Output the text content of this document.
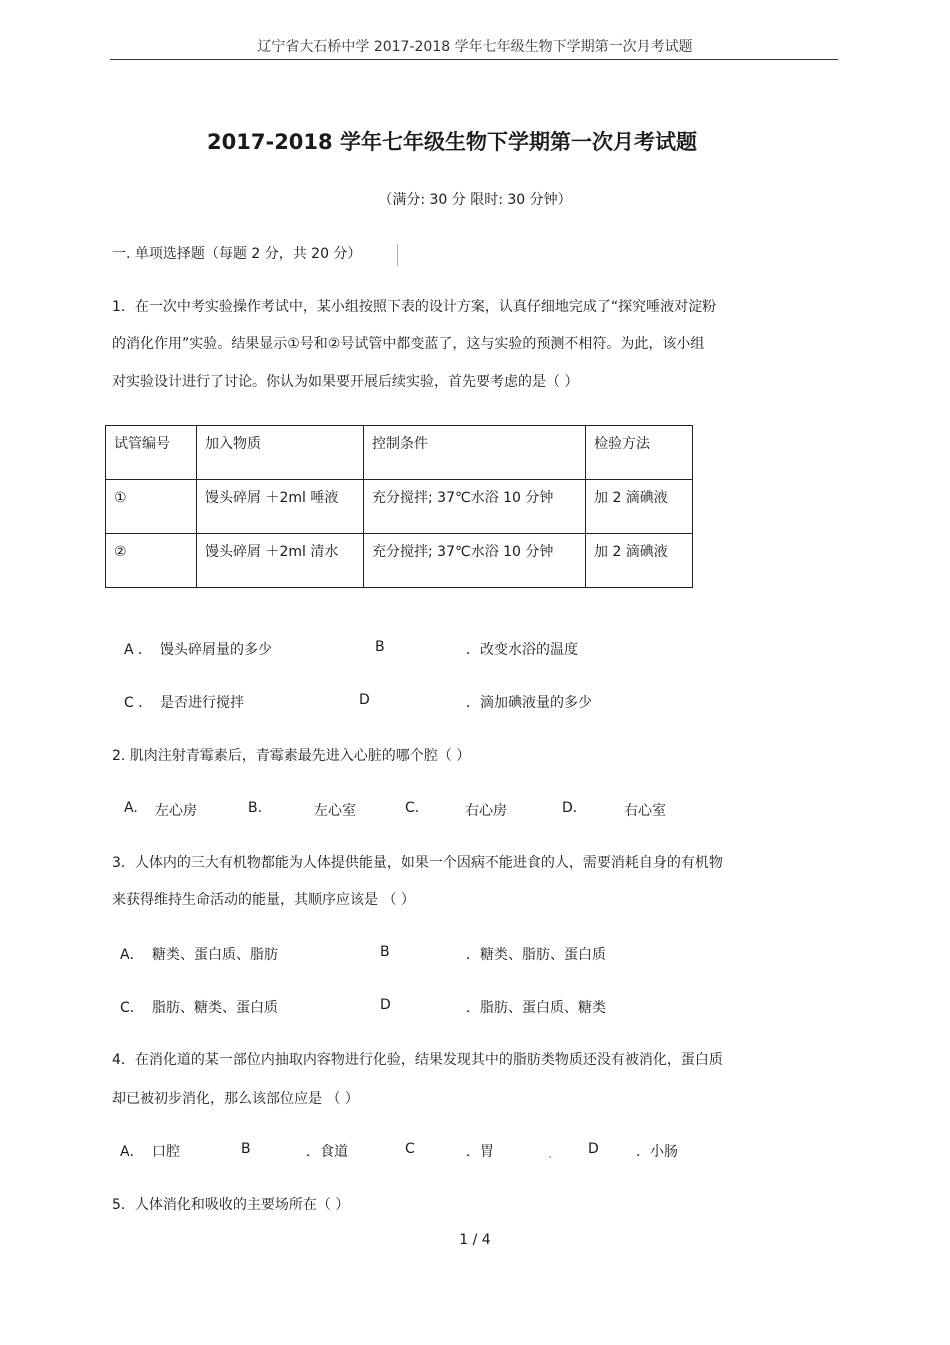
辽宁省大石桥中学 2017-2018 学年七年级生物下学期第一次月考试题
2017-2018 学年七年级生物下学期第一次月考试题
（满分: 30 分 限时: 30 分钟）
一. 单项选择题（每题 2 分，共 20 分）
1．在一次中考实验操作考试中，某小组按照下表的设计方案，认真仔细地完成了“探究唾液对淀粉
的消化作用”实验。结果显示①号和②号试管中都变蓝了，这与实验的预测不相符。为此，该小组
对实验设计进行了讨论。你认为如果要开展后续实验，首先要考虑的是（ ）
试管编号	加入物质	控制条件	检验方法
①	馒头碎屑 ＋2ml 唾液	充分搅拌; 37℃水浴 10 分钟	加 2 滴碘液
②	馒头碎屑 ＋2ml 清水	充分搅拌; 37℃水浴 10 分钟	加 2 滴碘液
A ． 馒头碎屑量的多少	B	．改变水浴的温度
C ． 是否进行搅拌	D	．滴加碘液量的多少
2. 肌肉注射青霉素后，青霉素最先进入心脏的哪个腔（ ）
A. 左心房	B.	左心室	C.	右心房	D.	右心室
3．人体内的三大有机物都能为人体提供能量，如果一个因病不能进食的人，需要消耗自身的有机物
来获得维持生命活动的能量，其顺序应该是 （ ）
A． 糖类、蛋白质、脂肪	B	．糖类、脂肪、蛋白质
C． 脂肪、糖类、蛋白质	D	．脂肪、蛋白质、糖类
4．在消化道的某一部位内抽取内容物进行化验，结果发现其中的脂肪类物质还没有被消化，蛋白质
却已被初步消化，那么该部位应是 （ ）
A． 口腔	B	．食道	C	．胃	.	D	．小肠
5．人体消化和吸收的主要场所在（ ）
1 / 4
